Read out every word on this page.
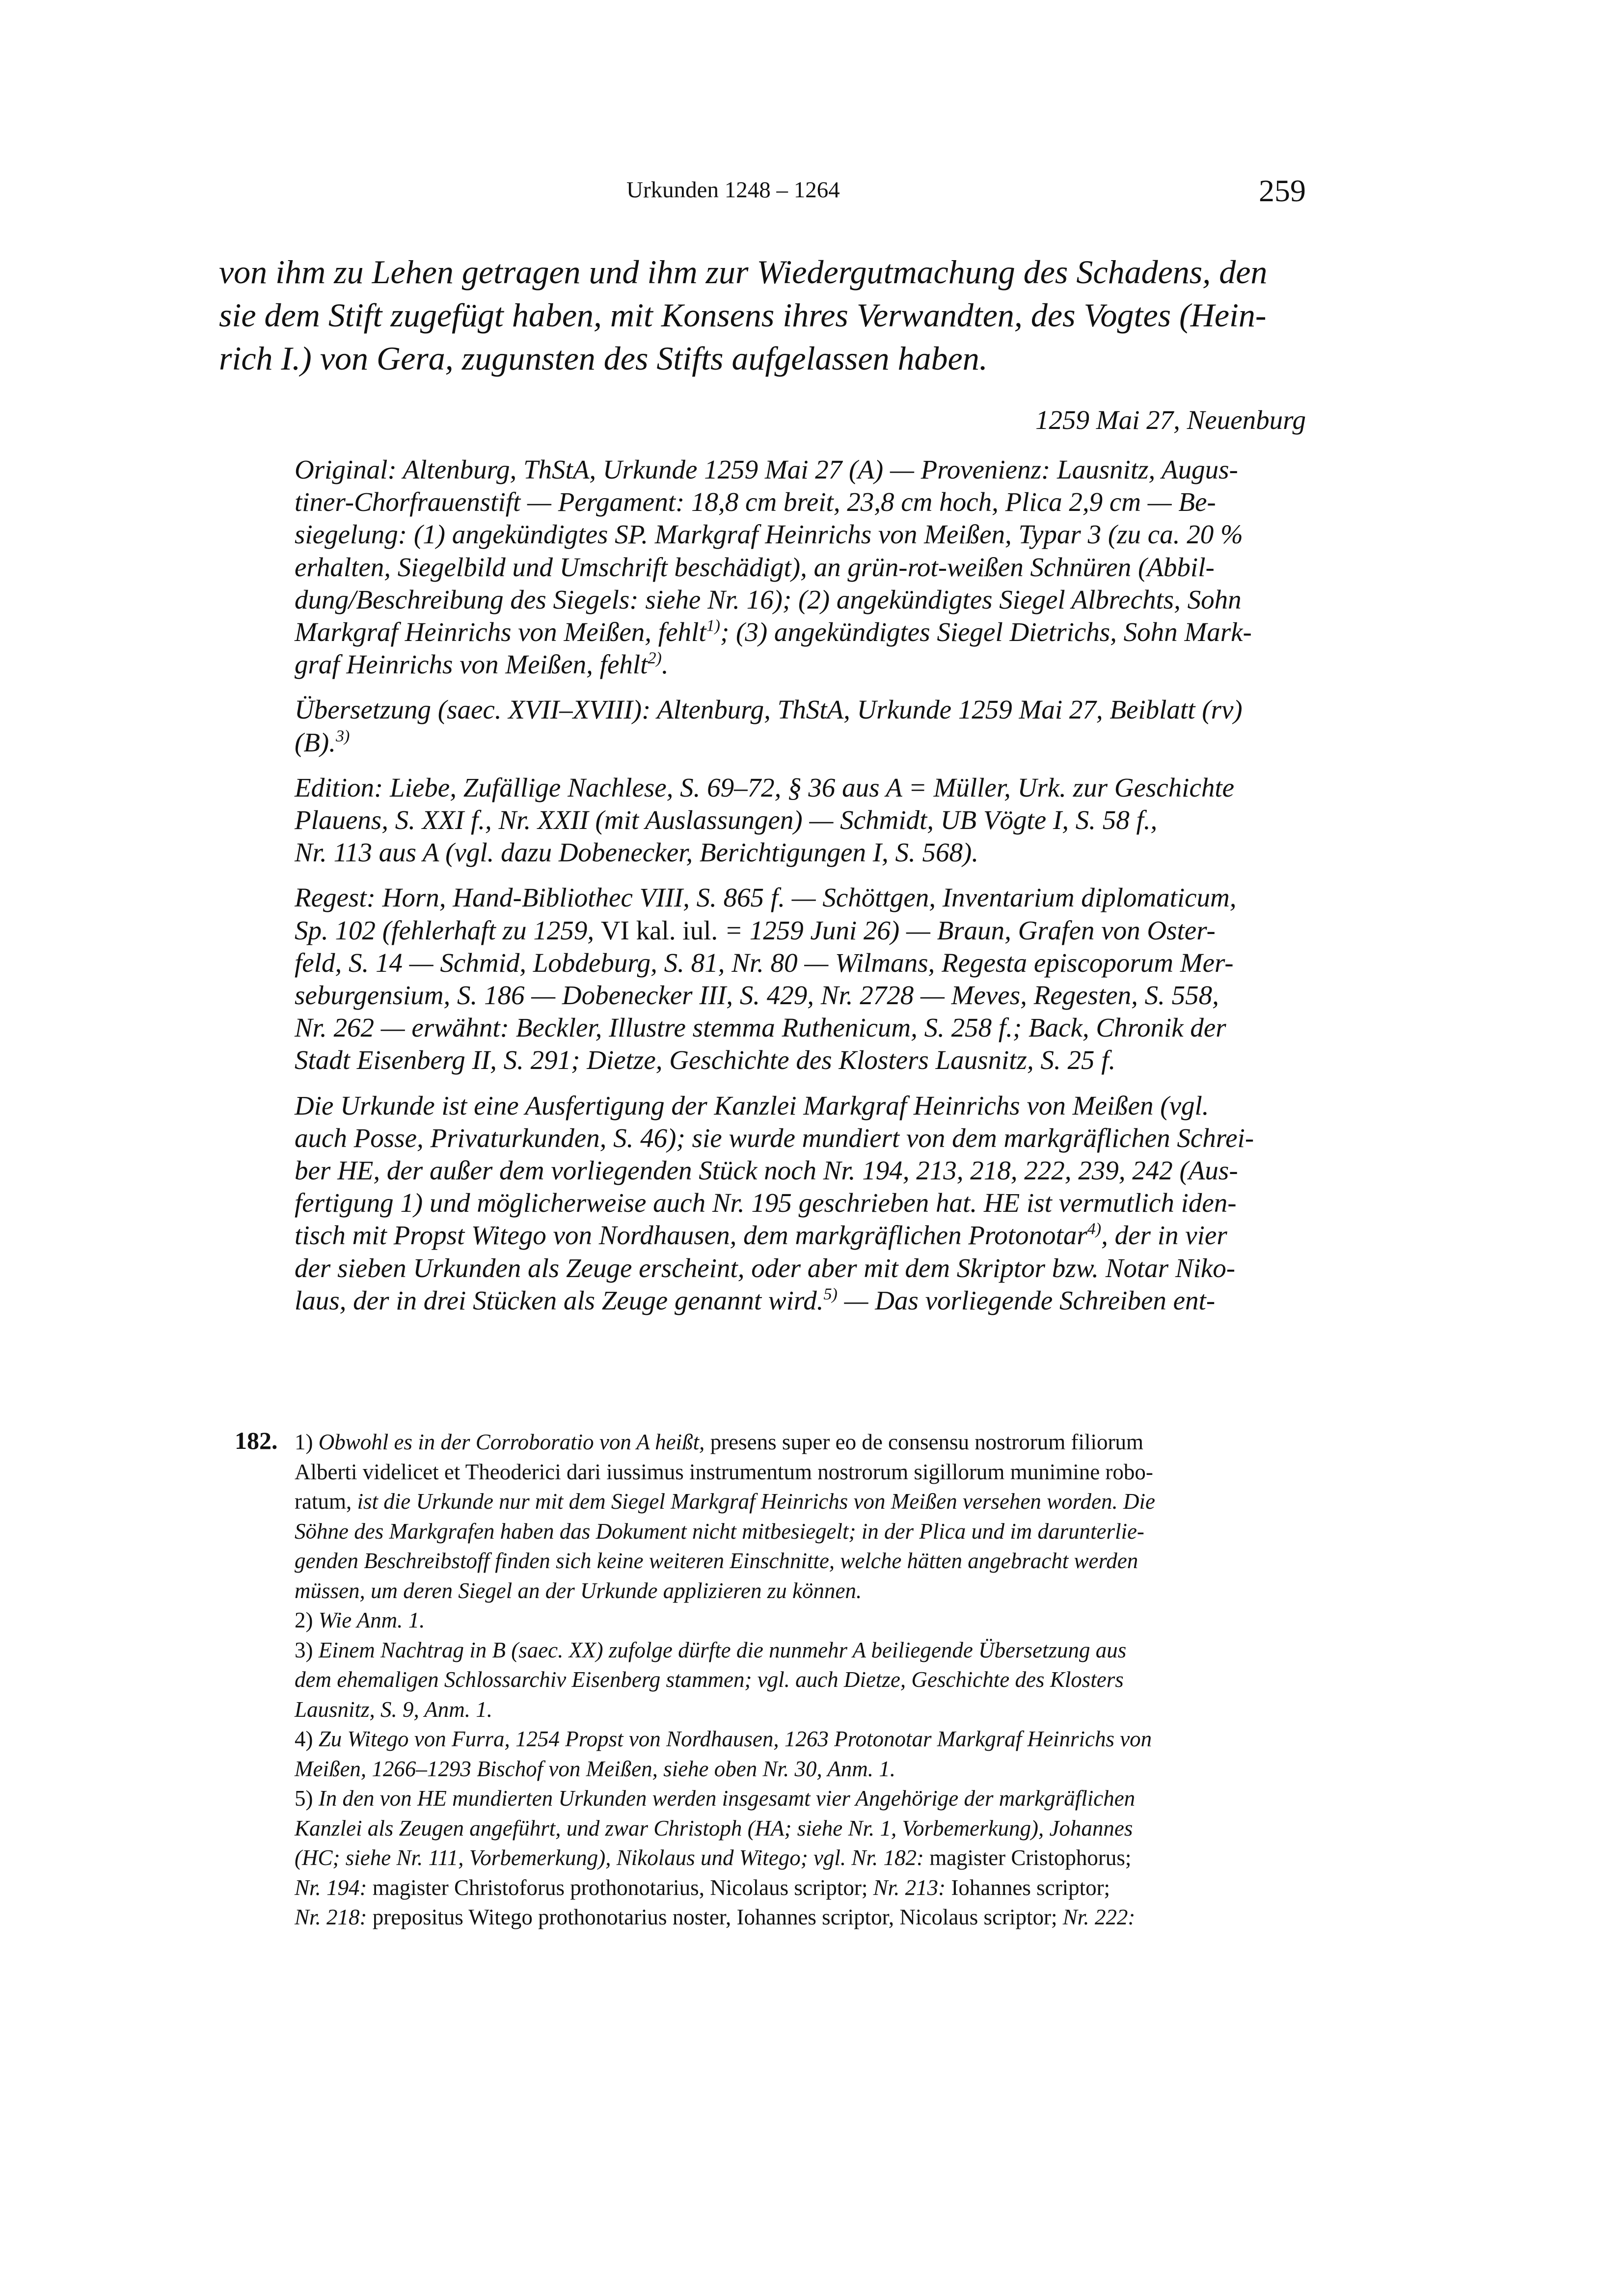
Urkunden 1248 – 1264	259
von ihm zu Lehen getragen und ihm zur Wiedergutmachung des Schadens, den
sie dem Stift zugefügt haben, mit Konsens ihres Verwandten, des Vogtes (Hein-
rich I.) von Gera, zugunsten des Stifts aufgelassen haben.
1259 Mai 27, Neuenburg
Original: Altenburg, ThStA, Urkunde 1259 Mai 27 (A) — Provenienz: Lausnitz, Augus-
tiner-Chorfrauenstift — Pergament: 18,8 cm breit, 23,8 cm hoch, Plica 2,9 cm — Be-
siegelung: (1) angekündigtes SP. Markgraf Heinrichs von Meißen, Typar 3 (zu ca. 20 %
erhalten, Siegelbild und Umschrift beschädigt), an grün-rot-weißen Schnüren (Abbil-
dung/Beschreibung des Siegels: siehe Nr. 16); (2) angekündigtes Siegel Albrechts, Sohn
Markgraf Heinrichs von Meißen, fehlt$^{1)}$; (3) angekündigtes Siegel Dietrichs, Sohn Mark-
graf Heinrichs von Meißen, fehlt$^{2)}$.
Übersetzung (saec. XVII–XVIII): Altenburg, ThStA, Urkunde 1259 Mai 27, Beiblatt (rv)
(B).$^{3)}$
Edition: Liebe, Zufällige Nachlese, S. 69–72, § 36 aus A = Müller, Urk. zur Geschichte
Plauens, S. XXI f., Nr. XXII (mit Auslassungen) — Schmidt, UB Vögte I, S. 58 f.,
Nr. 113 aus A (vgl. dazu Dobenecker, Berichtigungen I, S. 568).
Regest: Horn, Hand-Bibliothec VIII, S. 865 f. — Schöttgen, Inventarium diplomaticum,
Sp. 102 (fehlerhaft zu 1259, VI kal. iul. = 1259 Juni 26) — Braun, Grafen von Oster-
feld, S. 14 — Schmid, Lobdeburg, S. 81, Nr. 80 — Wilmans, Regesta episcoporum Mer-
seburgensium, S. 186 — Dobenecker III, S. 429, Nr. 2728 — Meves, Regesten, S. 558,
Nr. 262 — erwähnt: Beckler, Illustre stemma Ruthenicum, S. 258 f.; Back, Chronik der
Stadt Eisenberg II, S. 291; Dietze, Geschichte des Klosters Lausnitz, S. 25 f.
Die Urkunde ist eine Ausfertigung der Kanzlei Markgraf Heinrichs von Meißen (vgl.
auch Posse, Privaturkunden, S. 46); sie wurde mundiert von dem markgräflichen Schrei-
ber HE, der außer dem vorliegenden Stück noch Nr. 194, 213, 218, 222, 239, 242 (Aus-
fertigung 1) und möglicherweise auch Nr. 195 geschrieben hat. HE ist vermutlich iden-
tisch mit Propst Witego von Nordhausen, dem markgräflichen Protonotar$^{4)}$, der in vier
der sieben Urkunden als Zeuge erscheint, oder aber mit dem Skriptor bzw. Notar Niko-
laus, der in drei Stücken als Zeuge genannt wird.$^{5)}$ — Das vorliegende Schreiben ent-
182. 1) Obwohl es in der Corroboratio von A heißt, presens super eo de consensu nostrorum filiorum
Alberti videlicet et Theoderici dari iussimus instrumentum nostrorum sigillorum munimine robo-
ratum, ist die Urkunde nur mit dem Siegel Markgraf Heinrichs von Meißen versehen worden. Die
Söhne des Markgrafen haben das Dokument nicht mitbesiegelt; in der Plica und im darunterlie-
genden Beschreibstoff finden sich keine weiteren Einschnitte, welche hätten angebracht werden
müssen, um deren Siegel an der Urkunde applizieren zu können.
2) Wie Anm. 1.
3) Einem Nachtrag in B (saec. XX) zufolge dürfte die nunmehr A beiliegende Übersetzung aus
dem ehemaligen Schlossarchiv Eisenberg stammen; vgl. auch Dietze, Geschichte des Klosters
Lausnitz, S. 9, Anm. 1.
4) Zu Witego von Furra, 1254 Propst von Nordhausen, 1263 Protonotar Markgraf Heinrichs von
Meißen, 1266–1293 Bischof von Meißen, siehe oben Nr. 30, Anm. 1.
5) In den von HE mundierten Urkunden werden insgesamt vier Angehörige der markgräflichen
Kanzlei als Zeugen angeführt, und zwar Christoph (HA; siehe Nr. 1, Vorbemerkung), Johannes
(HC; siehe Nr. 111, Vorbemerkung), Nikolaus und Witego; vgl. Nr. 182: magister Cristophorus;
Nr. 194: magister Christoforus prothonotarius, Nicolaus scriptor; Nr. 213: Iohannes scriptor;
Nr. 218: prepositus Witego prothonotarius noster, Iohannes scriptor, Nicolaus scriptor; Nr. 222:
